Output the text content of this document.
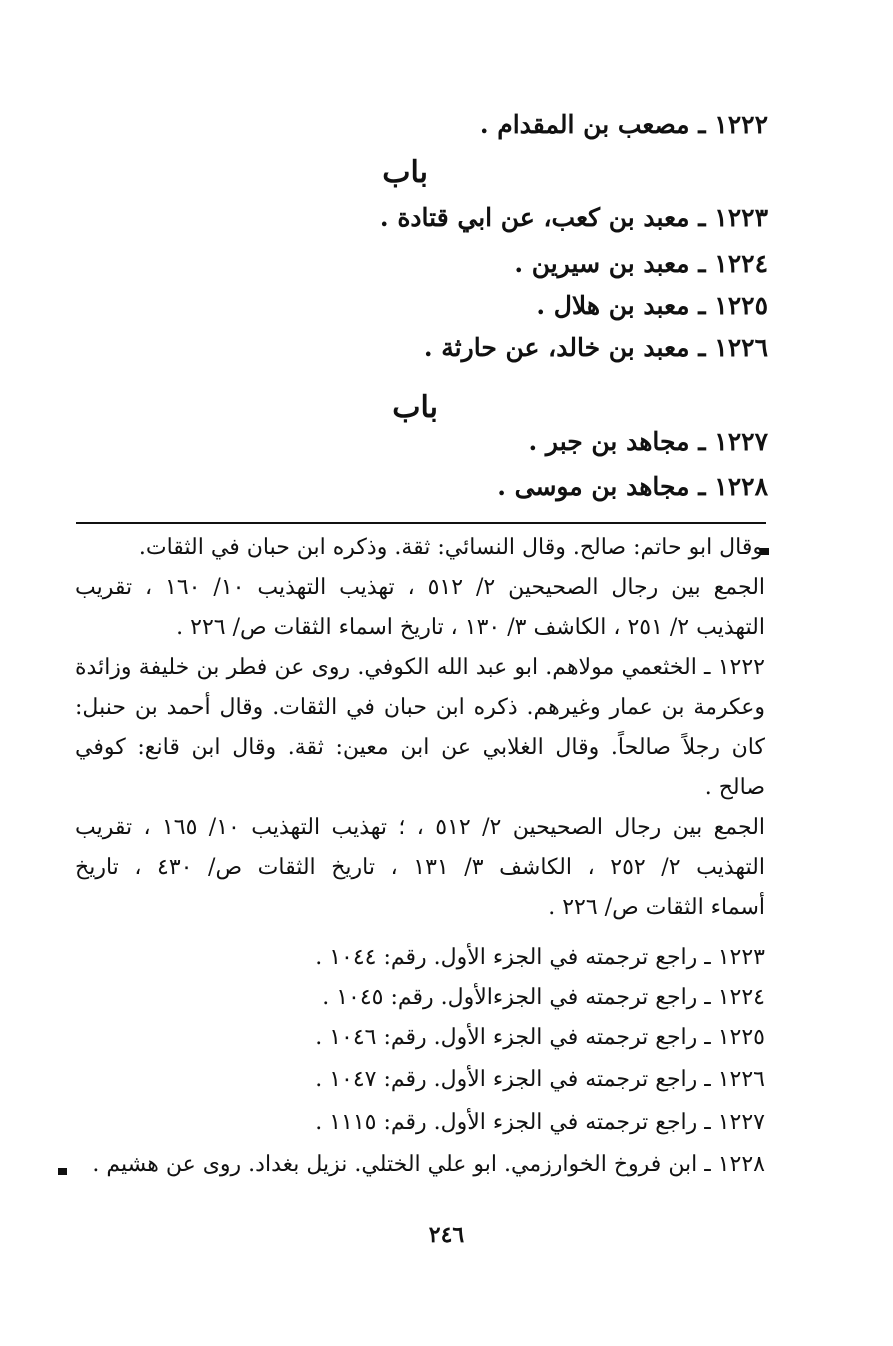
١٢٢٢ ـ مصعب بن المقدام .
باب
١٢٢٣ ـ معبد بن كعب، عن ابي قتادة .
١٢٢٤ ـ معبد بن سيرين .
١٢٢٥ ـ معبد بن هلال .
١٢٢٦ ـ معبد بن خالد، عن حارثة .
باب
١٢٢٧ ـ مجاهد بن جبر .
١٢٢٨ ـ مجاهد بن موسى .
وقال ابو حاتم: صالح. وقال النسائي: ثقة. وذكره ابن حبان في الثقات.
الجمع بين رجال الصحيحين ٢/ ٥١٢ ، تهذيب التهذيب ١٠/ ١٦٠ ، تقريب
التهذيب ٢/ ٢٥١ ، الكاشف ٣/ ١٣٠ ، تاريخ اسماء الثقات ص/ ٢٢٦ .
١٢٢٢ ـ الخثعمي مولاهم. ابو عبد الله الكوفي. روى عن فطر بن خليفة وزائدة
وعكرمة بن عمار وغيرهم. ذكره ابن حبان في الثقات. وقال أحمد بن حنبل:
كان رجلاً صالحاً. وقال الغلابي عن ابن معين: ثقة. وقال ابن قانع: كوفي
صالح .
الجمع بين رجال الصحيحين ٢/ ٥١٢ ، ؛ تهذيب التهذيب ١٠/ ١٦٥ ، تقريب
التهذيب ٢/ ٢٥٢ ، الكاشف ٣/ ١٣١ ، تاريخ الثقات ص/ ٤٣٠ ، تاريخ
أسماء الثقات ص/ ٢٢٦ .
١٢٢٣ ـ راجع ترجمته في الجزء الأول. رقم: ١٠٤٤ .
١٢٢٤ ـ راجع ترجمته في الجزءالأول. رقم: ١٠٤٥ .
١٢٢٥ ـ راجع ترجمته في الجزء الأول. رقم: ١٠٤٦ .
١٢٢٦ ـ راجع ترجمته في الجزء الأول. رقم: ١٠٤٧ .
١٢٢٧ ـ راجع ترجمته في الجزء الأول. رقم: ١١١٥ .
١٢٢٨ ـ ابن فروخ الخوارزمي. ابو علي الختلي. نزيل بغداد. روى عن هشيم .
٢٤٦
